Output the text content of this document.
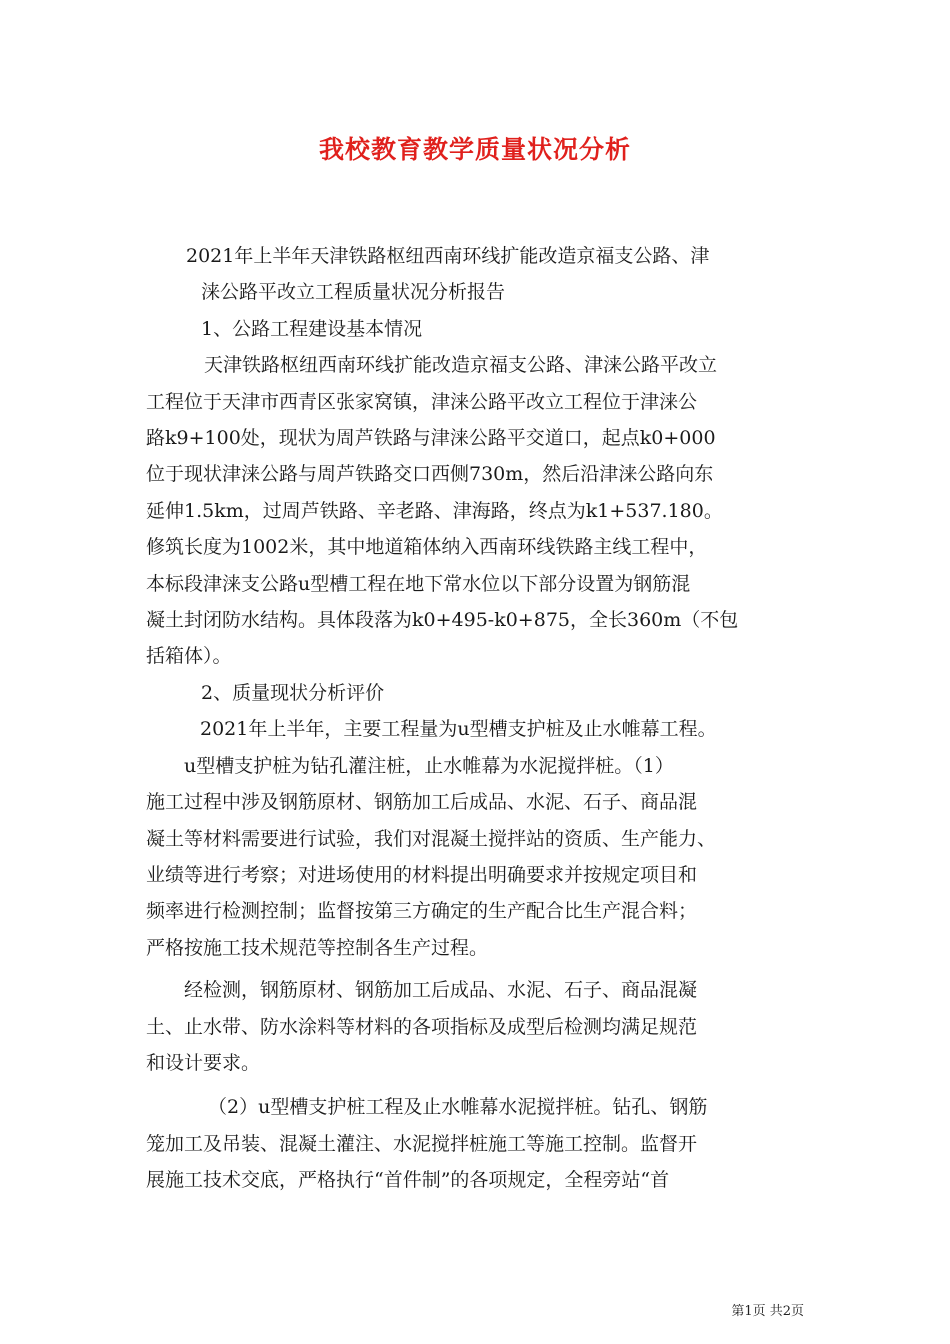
我校教育教学质量状况分析

2021年上半年天津铁路枢纽西南环线扩能改造京福支公路、津

涞公路平改立工程质量状况分析报告

1、公路工程建设基本情况

天津铁路枢纽西南环线扩能改造京福支公路、津涞公路平改立
工程位于天津市西青区张家窝镇，津涞公路平改立工程位于津涞公
路k9+100处，现状为周芦铁路与津涞公路平交道口，起点k0+000
位于现状津涞公路与周芦铁路交口西侧730m，然后沿津涞公路向东
延伸1.5km，过周芦铁路、辛老路、津海路，终点为k1+537.180。
修筑长度为1002米，其中地道箱体纳入西南环线铁路主线工程中，
本标段津涞支公路u型槽工程在地下常水位以下部分设置为钢筋混
凝土封闭防水结构。具体段落为k0+495-k0+875，全长360m（不包
括箱体）。

2、质量现状分析评价

2021年上半年，主要工程量为u型槽支护桩及止水帷幕工程。

u型槽支护桩为钻孔灌注桩，止水帷幕为水泥搅拌桩。（1）
施工过程中涉及钢筋原材、钢筋加工后成品、水泥、石子、商品混
凝土等材料需要进行试验，我们对混凝土搅拌站的资质、生产能力、
业绩等进行考察；对进场使用的材料提出明确要求并按规定项目和
频率进行检测控制；监督按第三方确定的生产配合比生产混合料；
严格按施工技术规范等控制各生产过程。

经检测，钢筋原材、钢筋加工后成品、水泥、石子、商品混凝
土、止水带、防水涂料等材料的各项指标及成型后检测均满足规范
和设计要求。

（2）u型槽支护桩工程及止水帷幕水泥搅拌桩。钻孔、钢筋
笼加工及吊装、混凝土灌注、水泥搅拌桩施工等施工控制。监督开
展施工技术交底，严格执行“首件制”的各项规定，全程旁站“首

第1页 共2页
